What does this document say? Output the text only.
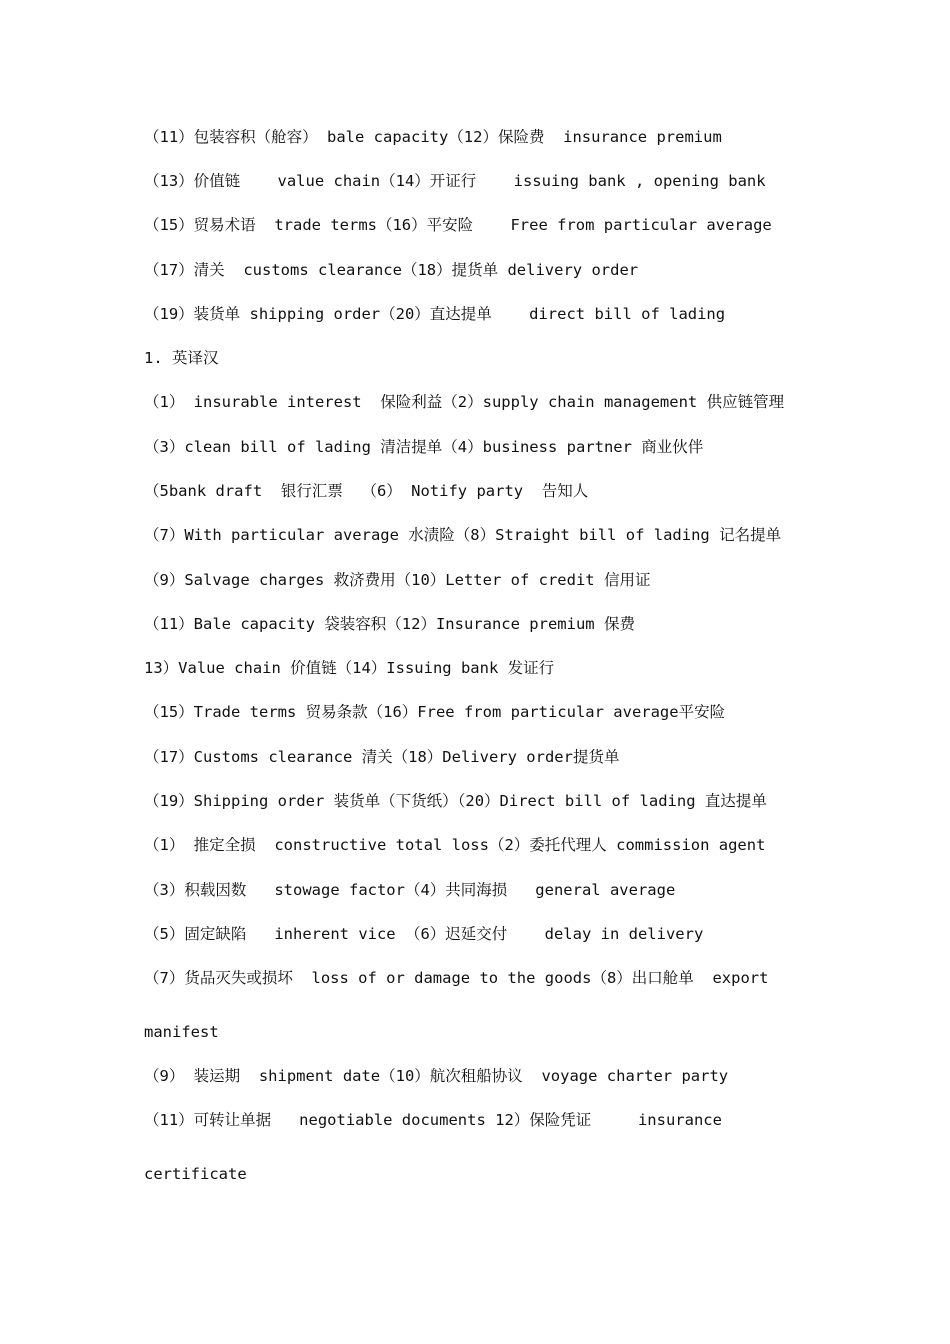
（11）包装容积（舱容） bale capacity（12）保险费  insurance premium
（13）价值链    value chain（14）开证行    issuing bank , opening bank
（15）贸易术语  trade terms（16）平安险    Free from particular average
（17）清关  customs clearance（18）提货单 delivery order
（19）装货单 shipping order（20）直达提单    direct bill of lading
1. 英译汉
（1） insurable interest  保险利益（2）supply chain management 供应链管理
（3）clean bill of lading 清洁提单（4）business partner 商业伙伴
（5bank draft  银行汇票  （6） Notify party  告知人
（7）With particular average 水渍险（8）Straight bill of lading 记名提单
（9）Salvage charges 救济费用（10）Letter of credit 信用证
（11）Bale capacity 袋装容积（12）Insurance premium 保费
13）Value chain 价值链（14）Issuing bank 发证行
（15）Trade terms 贸易条款（16）Free from particular average平安险
（17）Customs clearance 清关（18）Delivery order提货单
（19）Shipping order 装货单（下货纸）（20）Direct bill of lading 直达提单
（1） 推定全损  constructive total loss（2）委托代理人 commission agent
（3）积载因数   stowage factor（4）共同海损   general average
（5）固定缺陷   inherent vice （6）迟延交付    delay in delivery
（7）货品灭失或损坏  loss of or damage to the goods（8）出口舱单  export
manifest
（9） 装运期  shipment date（10）航次租船协议  voyage charter party
（11）可转让单据   negotiable documents 12）保险凭证     insurance
certificate
